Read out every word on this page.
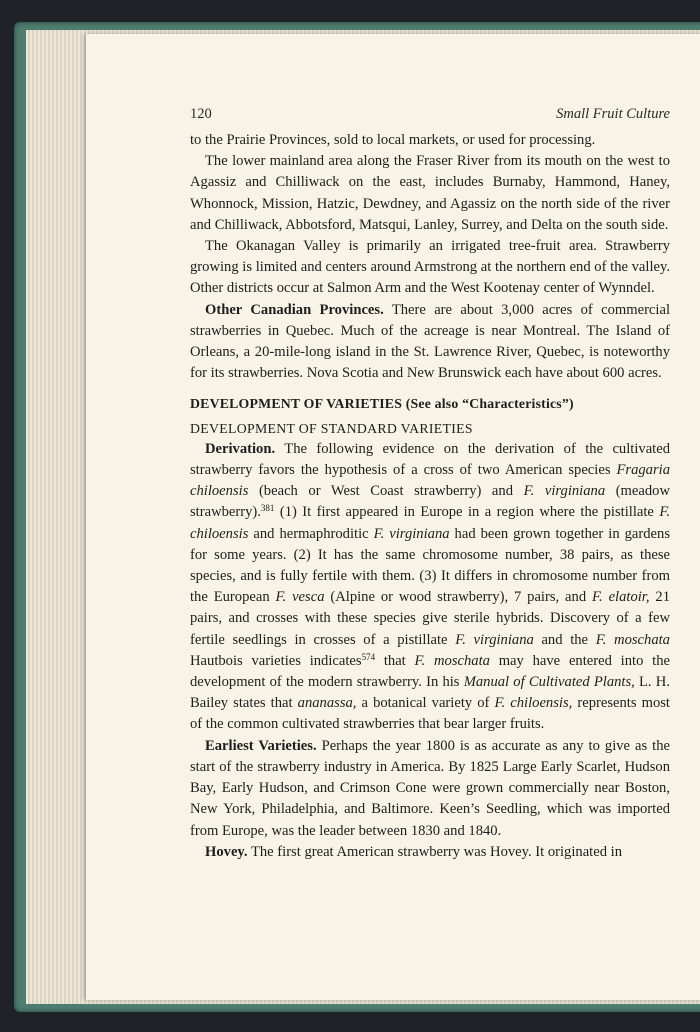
120	Small Fruit Culture

to the Prairie Provinces, sold to local markets, or used for processing.

The lower mainland area along the Fraser River from its mouth on the west to Agassiz and Chilliwack on the east, includes Burnaby, Hammond, Haney, Whonnock, Mission, Hatzic, Dewdney, and Agassiz on the north side of the river and Chilliwack, Abbotsford, Matsqui, Lanley, Surrey, and Delta on the south side.

The Okanagan Valley is primarily an irrigated tree-fruit area. Strawberry growing is limited and centers around Armstrong at the northern end of the valley. Other districts occur at Salmon Arm and the West Kootenay center of Wynndel.

Other Canadian Provinces. There are about 3,000 acres of commercial strawberries in Quebec. Much of the acreage is near Montreal. The Island of Orleans, a 20-mile-long island in the St. Lawrence River, Quebec, is noteworthy for its strawberries. Nova Scotia and New Brunswick each have about 600 acres.

DEVELOPMENT OF VARIETIES (See also “Characteristics”)

DEVELOPMENT OF STANDARD VARIETIES

Derivation. The following evidence on the derivation of the cultivated strawberry favors the hypothesis of a cross of two American species Fragaria chiloensis (beach or West Coast strawberry) and F. virginiana (meadow strawberry).$^{381}$ (1) It first appeared in Europe in a region where the pistillate F. chiloensis and hermaphroditic F. virginiana had been grown together in gardens for some years. (2) It has the same chromosome number, 38 pairs, as these species, and is fully fertile with them. (3) It differs in chromosome number from the European F. vesca (Alpine or wood strawberry), 7 pairs, and F. elatoir, 21 pairs, and crosses with these species give sterile hybrids. Discovery of a few fertile seedlings in crosses of a pistillate F. virginiana and the F. moschata Hautbois varieties indicates$^{574}$ that F. moschata may have entered into the development of the modern strawberry. In his Manual of Cultivated Plants, L. H. Bailey states that ananassa, a botanical variety of F. chiloensis, represents most of the common cultivated strawberries that bear larger fruits.

Earliest Varieties. Perhaps the year 1800 is as accurate as any to give as the start of the strawberry industry in America. By 1825 Large Early Scarlet, Hudson Bay, Early Hudson, and Crimson Cone were grown commercially near Boston, New York, Philadelphia, and Baltimore. Keen’s Seedling, which was imported from Europe, was the leader between 1830 and 1840.

Hovey. The first great American strawberry was Hovey. It originated in
